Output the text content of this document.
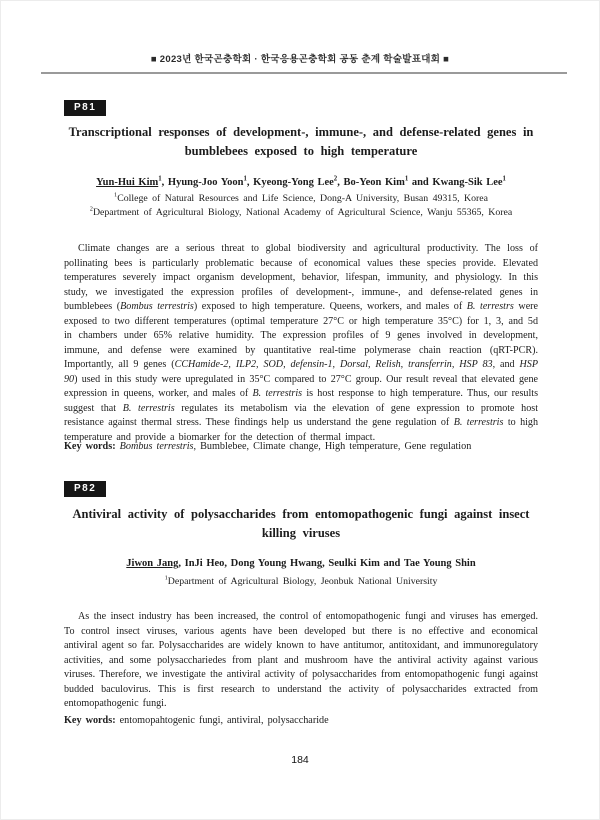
■ 2023년 한국곤충학회 · 한국응용곤충학회 공동 춘계 학술발표대회 ■
P81
Transcriptional responses of development-, immune-, and defense-related genes in bumblebees exposed to high temperature
Yun-Hui Kim$^1$, Hyung-Joo Yoon$^1$, Kyeong-Yong Lee$^2$, Bo-Yeon Kim$^1$ and Kwang-Sik Lee$^1$
$^1$College of Natural Resources and Life Science, Dong-A University, Busan 49315, Korea
$^2$Department of Agricultural Biology, National Academy of Agricultural Science, Wanju 55365, Korea

Climate changes are a serious threat to global biodiversity and agricultural productivity. The loss of pollinating bees is particularly problematic because of economical values these species provide. Elevated temperatures severely impact organism development, behavior, lifespan, immunity, and physiology. In this study, we investigated the expression profiles of development-, immune-, and defense-related genes in bumblebees (Bombus terrestris) exposed to high temperature. Queens, workers, and males of B. terrestrs were exposed to two different temperatures (optimal temperature 27°C or high temperature 35°C) for 1, 3, and 5d in chambers under 65% relative humidity. The expression profiles of 9 genes involved in development, immune, and defense were examined by quantitative real-time polymerase chain reaction (qRT-PCR). Importantly, all 9 genes (CCHamide-2, ILP2, SOD, defensin-1, Dorsal, Relish, transferrin, HSP 83, and HSP 90) used in this study were upregulated in 35°C compared to 27°C group. Our result reveal that elevated gene expression in queens, worker, and males of B. terrestris is host response to high temperature. Thus, our results suggest that B. terrestris regulates its metabolism via the elevation of gene expression to promote host resistance against thermal stress. These findings help us understand the gene regulation of B. terrestris to high temperature and provide a biomarker for the detection of thermal impact.

Key words: Bombus terrestris, Bumblebee, Climate change, High temperature, Gene regulation
P82
Antiviral activity of polysaccharides from entomopathogenic fungi against insect killing viruses
Jiwon Jang, InJi Heo, Dong Young Hwang, Seulki Kim and Tae Young Shin
$^1$Department of Agricultural Biology, Jeonbuk National University

As the insect industry has been increased, the control of entomopathogenic fungi and viruses has emerged. To control insect viruses, various agents have been developed but there is no effective and economical antiviral agent so far. Polysaccharides are widely known to have antitumor, antitoxidant, and immunoregulatory activities, and some polysacchariedes from plant and mushroom have the antiviral activity against various viruses. Therefore, we investigate the antiviral activity of polysaccharides from entomopathogenic fungi against budded baculovirus. This is first research to understand the activity of polysaccharides extracted from entomopathogenic fungi.

Key words: entomopahtogenic fungi, antiviral, polysaccharide
184
